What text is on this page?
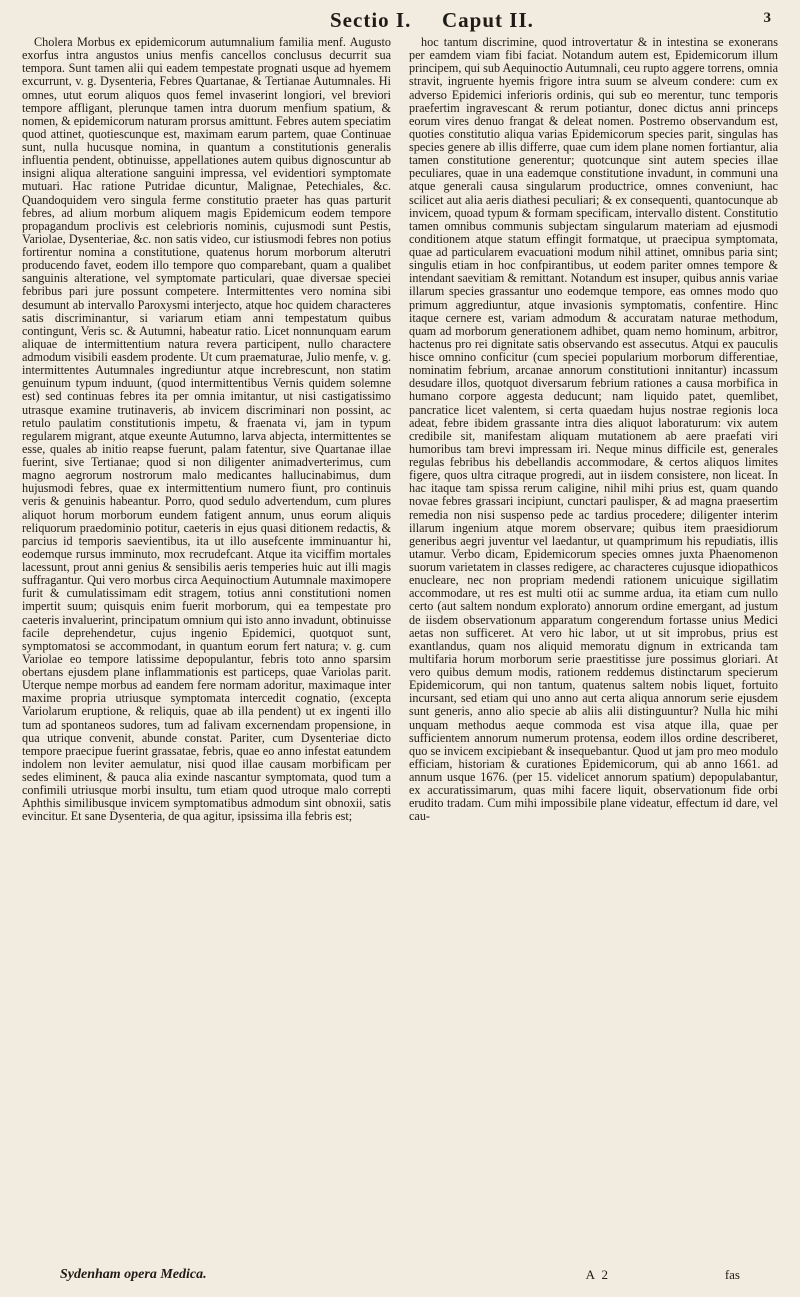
Sectio I. Caput II.	3

Cholera Morbus ex epidemicorum autumnalium familia menf. Augusto exorfus intra angustos unius menfis cancellos conclusus decurrit sua tempora. Sunt tamen alii qui eadem tempestate prognati usque ad hyemem excurrunt, v. g. Dysenteria, Febres Quartanae, & Tertianae Autumnales. Hi omnes, utut eorum aliquos quos femel invaserint longiori, vel breviori tempore affligant, plerunque tamen intra duorum menfium spatium, & nomen, & epidemicorum naturam prorsus amittunt. Febres autem speciatim quod attinet, quotiescunque est, maximam earum partem, quae Continuae sunt, nulla hucusque nomina, in quantum a constitutionis generalis influentia pendent, obtinuisse, appellationes autem quibus dignoscuntur ab insigni aliqua alteratione sanguini impressa, vel evidentiori symptomate mutuari. Hac ratione Putridae dicuntur, Malignae, Petechiales, &c. Quandoquidem vero singula ferme constitutio praeter has quas parturit febres, ad alium morbum aliquem magis Epidemicum eodem tempore propagandum proclivis est celebrioris nominis, cujusmodi sunt Pestis, Variolae, Dysenteriae, &c. non satis video, cur istiusmodi febres non potius fortirentur nomina a constitutione, quatenus horum morborum alterutri producendo favet, eodem illo tempore quo comparebant, quam a qualibet sanguinis alteratione, vel symptomate particulari, quae diversae speciei febribus pari jure possunt competere. Intermittentes vero nomina sibi desumunt ab intervallo Paroxysmi interjecto, atque hoc quidem characteres satis discriminantur, si variarum etiam anni tempestatum quibus contingunt, Veris sc. & Autumni, habeatur ratio. Licet nonnunquam earum aliquae de intermittentium natura revera participent, nullo charactere admodum visibili easdem prodente. Ut cum praematurae, Julio menfe, v. g. intermittentes Autumnales ingrediuntur atque increbrescunt, non statim genuinum typum induunt, (quod intermittentibus Vernis quidem solemne est) sed continuas febres ita per omnia imitantur, ut nisi castigatissimo utrasque examine trutinaveris, ab invicem discriminari non possint, ac retulo paulatim constitutionis impetu, & fraenata vi, jam in typum regularem migrant, atque exeunte Autumno, larva abjecta, intermittentes se esse, quales ab initio reapse fuerunt, palam fatentur, sive Quartanae illae fuerint, sive Tertianae; quod si non diligenter animadverterimus, cum magno aegrorum nostrorum malo medicantes hallucinabimus, dum hujusmodi febres, quae ex intermittentium numero fiunt, pro continuis veris & genuinis habeantur. Porro, quod sedulo advertendum, cum plures aliquot horum morborum eundem fatigent annum, unus eorum aliquis reliquorum praedominio potitur, caeteris in ejus quasi ditionem redactis, & parcius id temporis saevientibus, ita ut illo ausefcente imminuantur hi, eodemque rursus imminuto, mox recrudefcant. Atque ita viciffim mortales lacessunt, prout anni genius & sensibilis aeris temperies huic aut illi magis suffragantur. Qui vero morbus circa Aequinoctium Autumnale maximopere furit & cumulatissimam edit stragem, totius anni constitutioni nomen impertit suum; quisquis enim fuerit morborum, qui ea tempestate pro caeteris invaluerint, principatum omnium qui isto anno invadunt, obtinuisse facile deprehendetur, cujus ingenio Epidemici, quotquot sunt, symptomatosi se accommodant, in quantum eorum fert natura; v. g. cum Variolae eo tempore latissime depopulantur, febris toto anno sparsim obertans ejusdem plane inflammationis est particeps, quae Variolas parit. Uterque nempe morbus ad eandem fere normam adoritur, maximaque inter maxime propria utriusque symptomata intercedit cognatio, (excepta Variolarum eruptione, & reliquis, quae ab illa pendent) ut ex ingenti illo tum ad spontaneos sudores, tum ad falivam excernendam propensione, in qua utrique convenit, abunde constat. Pariter, cum Dysenteriae dicto tempore praecipue fuerint grassatae, febris, quae eo anno infestat eatundem indolem non leviter aemulatur, nisi quod illae causam morbificam per sedes eliminent, & pauca alia exinde nascantur symptomata, quod tum a confimili utriusque morbi insultu, tum etiam quod utroque malo correpti Aphthis similibusque invicem symptomatibus admodum sint obnoxii, satis evincitur. Et sane Dysenteria, de qua agitur, ipsissima illa febris est;

hoc tantum discrimine, quod introvertatur & in intestina se exonerans per eamdem viam fibi faciat. Notandum autem est, Epidemicorum illum principem, qui sub Aequinoctio Autumnali, ceu rupto aggere torrens, omnia stravit, ingruente hyemis frigore intra suum se alveum condere: cum ex adverso Epidemici inferioris ordinis, qui sub eo merentur, tunc temporis praefertim ingravescant & rerum potiantur, donec dictus anni princeps eorum vires denuo frangat & deleat nomen. Postremo observandum est, quoties constitutio aliqua varias Epidemicorum species parit, singulas has species genere ab illis differre, quae cum idem plane nomen fortiantur, alia tamen constitutione generentur; quotcunque sint autem species illae peculiares, quae in una eademque constitutione invadunt, in communi una atque generali causa singularum productrice, omnes conveniunt, hac scilicet aut alia aeris diathesi peculiari; & ex consequenti, quantocunque ab invicem, quoad typum & formam specificam, intervallo distent. Constitutio tamen omnibus communis subjectam singularum materiam ad ejusmodi conditionem atque statum effingit formatque, ut praecipua symptomata, quae ad particularem evacuationi modum nihil attinet, omnibus paria sint; singulis etiam in hoc confpirantibus, ut eodem pariter omnes tempore & intendant saevitiam & remittant. Notandum est insuper, quibus annis variae illarum species grassantur uno eodemque tempore, eas omnes modo quo primum aggrediuntur, atque invasionis symptomatis, confentire. Hinc itaque cernere est, variam admodum & accuratam naturae methodum, quam ad morborum generationem adhibet, quam nemo hominum, arbitror, hactenus pro rei dignitate satis observando est assecutus. Atqui ex pauculis hisce omnino conficitur (cum speciei popularium morborum differentiae, nominatim febrium, arcanae annorum constitutioni innitantur) incassum desudare illos, quotquot diversarum febrium rationes a causa morbifica in humano corpore aggesta deducunt; nam liquido patet, quemlibet, pancratice licet valentem, si certa quaedam hujus nostrae regionis loca adeat, febre ibidem grassante intra dies aliquot laboraturum: vix autem credibile sit, manifestam aliquam mutationem ab aere praefati viri humoribus tam brevi impressam iri. Neque minus difficile est, generales regulas febribus his debellandis accommodare, & certos aliquos limites figere, quos ultra citraque progredi, aut in iisdem consistere, non liceat. In hac itaque tam spissa rerum caligine, nihil mihi prius est, quam quando novae febres grassari incipiunt, cunctari paulisper, & ad magna praesertim remedia non nisi suspenso pede ac tardius procedere; diligenter interim illarum ingenium atque morem observare; quibus item praesidiorum generibus aegri juventur vel laedantur, ut quamprimum his repudiatis, illis utamur. Verbo dicam, Epidemicorum species omnes juxta Phaenomenon suorum varietatem in classes redigere, ac characteres cujusque idiopathicos enucleare, nec non propriam medendi rationem unicuique sigillatim accommodare, ut res est multi otii ac summe ardua, ita etiam cum nullo certo (aut saltem nondum explorato) annorum ordine emergant, ad justum de iisdem observationum apparatum congerendum fortasse unius Medici aetas non sufficeret. At vero hic labor, ut ut sit improbus, prius est exantlandus, quam nos aliquid memoratu dignum in extricanda tam multifaria horum morborum serie praestitisse jure possimus gloriari. At vero quibus demum modis, rationem reddemus distinctarum specierum Epidemicorum, qui non tantum, quatenus saltem nobis liquet, fortuito incursant, sed etiam qui uno anno aut certa aliqua annorum serie ejusdem sunt generis, anno alio specie ab aliis alii distinguuntur? Nulla hic mihi unquam methodus aeque commoda est visa atque illa, quae per sufficientem annorum numerum protensa, eodem illos ordine describeret, quo se invicem excipiebant & insequebantur. Quod ut jam pro meo modulo efficiam, historiam & curationes Epidemicorum, qui ab anno 1661. ad annum usque 1676. (per 15. videlicet annorum spatium) depopulabantur, ex accuratissimarum, quas mihi facere liquit, observationum fide orbi erudito tradam. Cum mihi impossibile plane videatur, effectum id dare, vel cau-

Sydenham opera Medica.	A 2	fas
